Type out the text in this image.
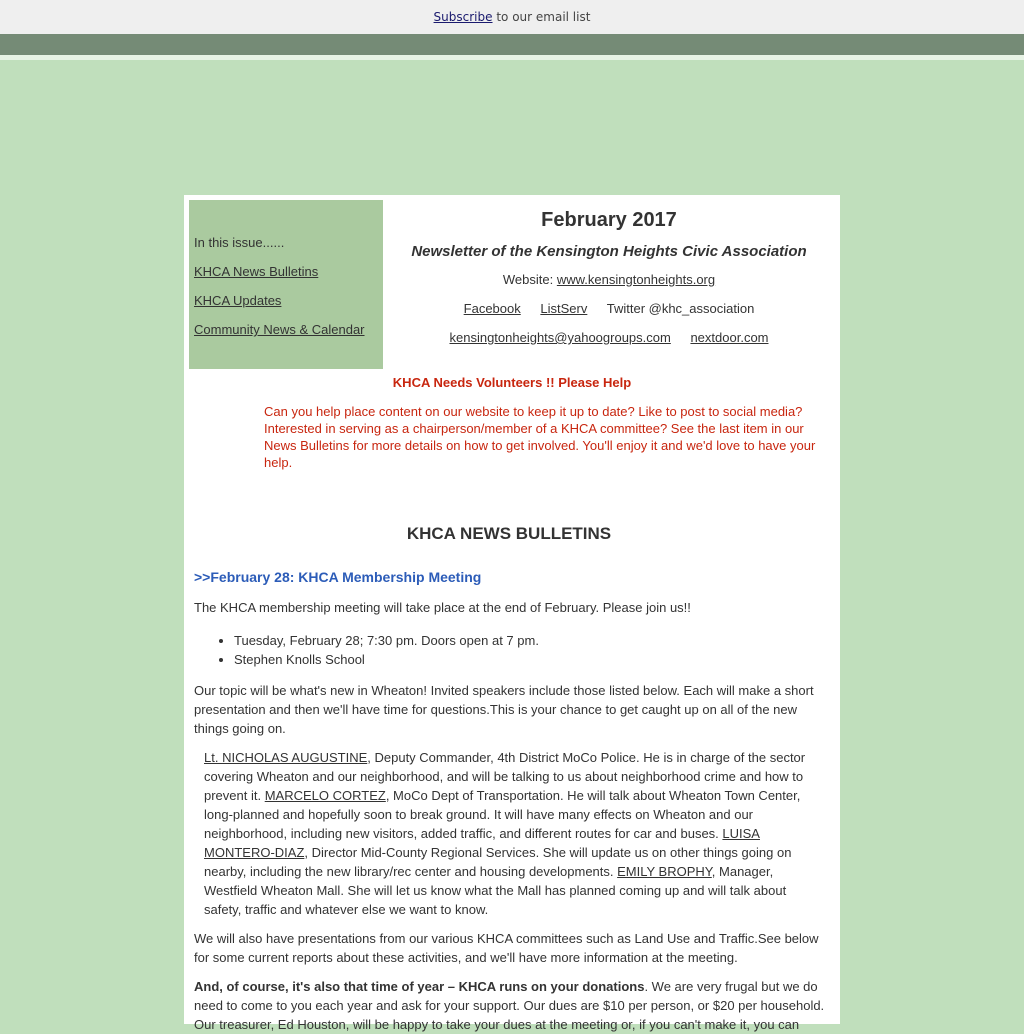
Subscribe to our email list
In this issue......
KHCA News Bulletins
KHCA Updates
Community News & Calendar
February 2017
Newsletter of the Kensington Heights Civic Association
Website: www.kensingtonheights.org
Facebook ListServ Twitter @khc_association
kensingtonheights@yahoogroups.com nextdoor.com
KHCA Needs Volunteers !! Please Help
Can you help place content on our website to keep it up to date? Like to post to social media? Interested in serving as a chairperson/member of a KHCA committee? See the last item in our News Bulletins for more details on how to get involved. You'll enjoy it and we'd love to have your help.
KHCA NEWS BULLETINS
>>February 28: KHCA Membership Meeting
The KHCA membership meeting will take place at the end of February. Please join us!!
• Tuesday, February 28; 7:30 pm. Doors open at 7 pm.
• Stephen Knolls School
Our topic will be what's new in Wheaton! Invited speakers include those listed below. Each will make a short presentation and then we'll have time for questions.This is your chance to get caught up on all of the new things going on.
Lt. NICHOLAS AUGUSTINE, Deputy Commander, 4th District MoCo Police. He is in charge of the sector covering Wheaton and our neighborhood, and will be talking to us about neighborhood crime and how to prevent it. MARCELO CORTEZ, MoCo Dept of Transportation. He will talk about Wheaton Town Center, long-planned and hopefully soon to break ground. It will have many effects on Wheaton and our neighborhood, including new visitors, added traffic, and different routes for car and buses. LUISA MONTERO-DIAZ, Director Mid-County Regional Services. She will update us on other things going on nearby, including the new library/rec center and housing developments. EMILY BROPHY, Manager, Westfield Wheaton Mall. She will let us know what the Mall has planned coming up and will talk about safety, traffic and whatever else we want to know.
We will also have presentations from our various KHCA committees such as Land Use and Traffic.See below for some current reports about these activities, and we'll have more information at the meeting.
And, of course, it's also that time of year – KHCA runs on your donations. We are very frugal but we do need to come to you each year and ask for your support. Our dues are $10 per person, or $20 per household. Our treasurer, Ed Houston, will be happy to take your dues at the meeting or, if you can't make it, you can
